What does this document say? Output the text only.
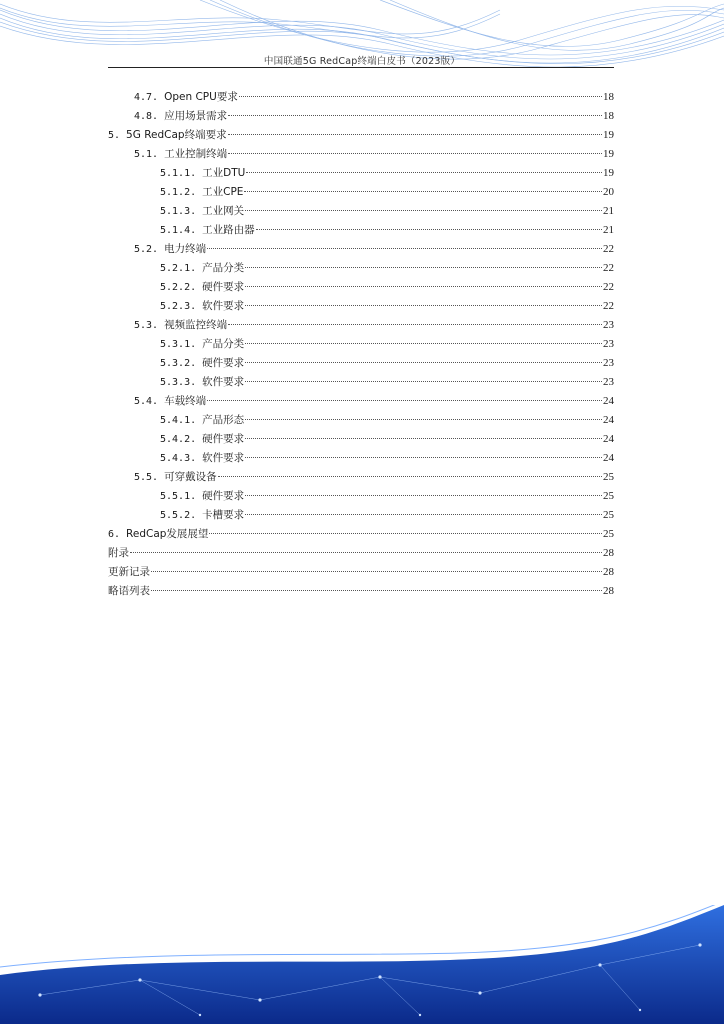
中国联通5G RedCap终端白皮书（2023版）
4.7. Open CPU要求	18
4.8. 应用场景需求	18
5. 5G RedCap终端要求	19
5.1. 工业控制终端	19
5.1.1. 工业DTU	19
5.1.2. 工业CPE	20
5.1.3. 工业网关	21
5.1.4. 工业路由器	21
5.2. 电力终端	22
5.2.1. 产品分类	22
5.2.2. 硬件要求	22
5.2.3. 软件要求	22
5.3. 视频监控终端	23
5.3.1. 产品分类	23
5.3.2. 硬件要求	23
5.3.3. 软件要求	23
5.4. 车载终端	24
5.4.1. 产品形态	24
5.4.2. 硬件要求	24
5.4.3. 软件要求	24
5.5. 可穿戴设备	25
5.5.1. 硬件要求	25
5.5.2. 卡槽要求	25
6. RedCap发展展望	25
附录	28
更新记录	28
略语列表	28
